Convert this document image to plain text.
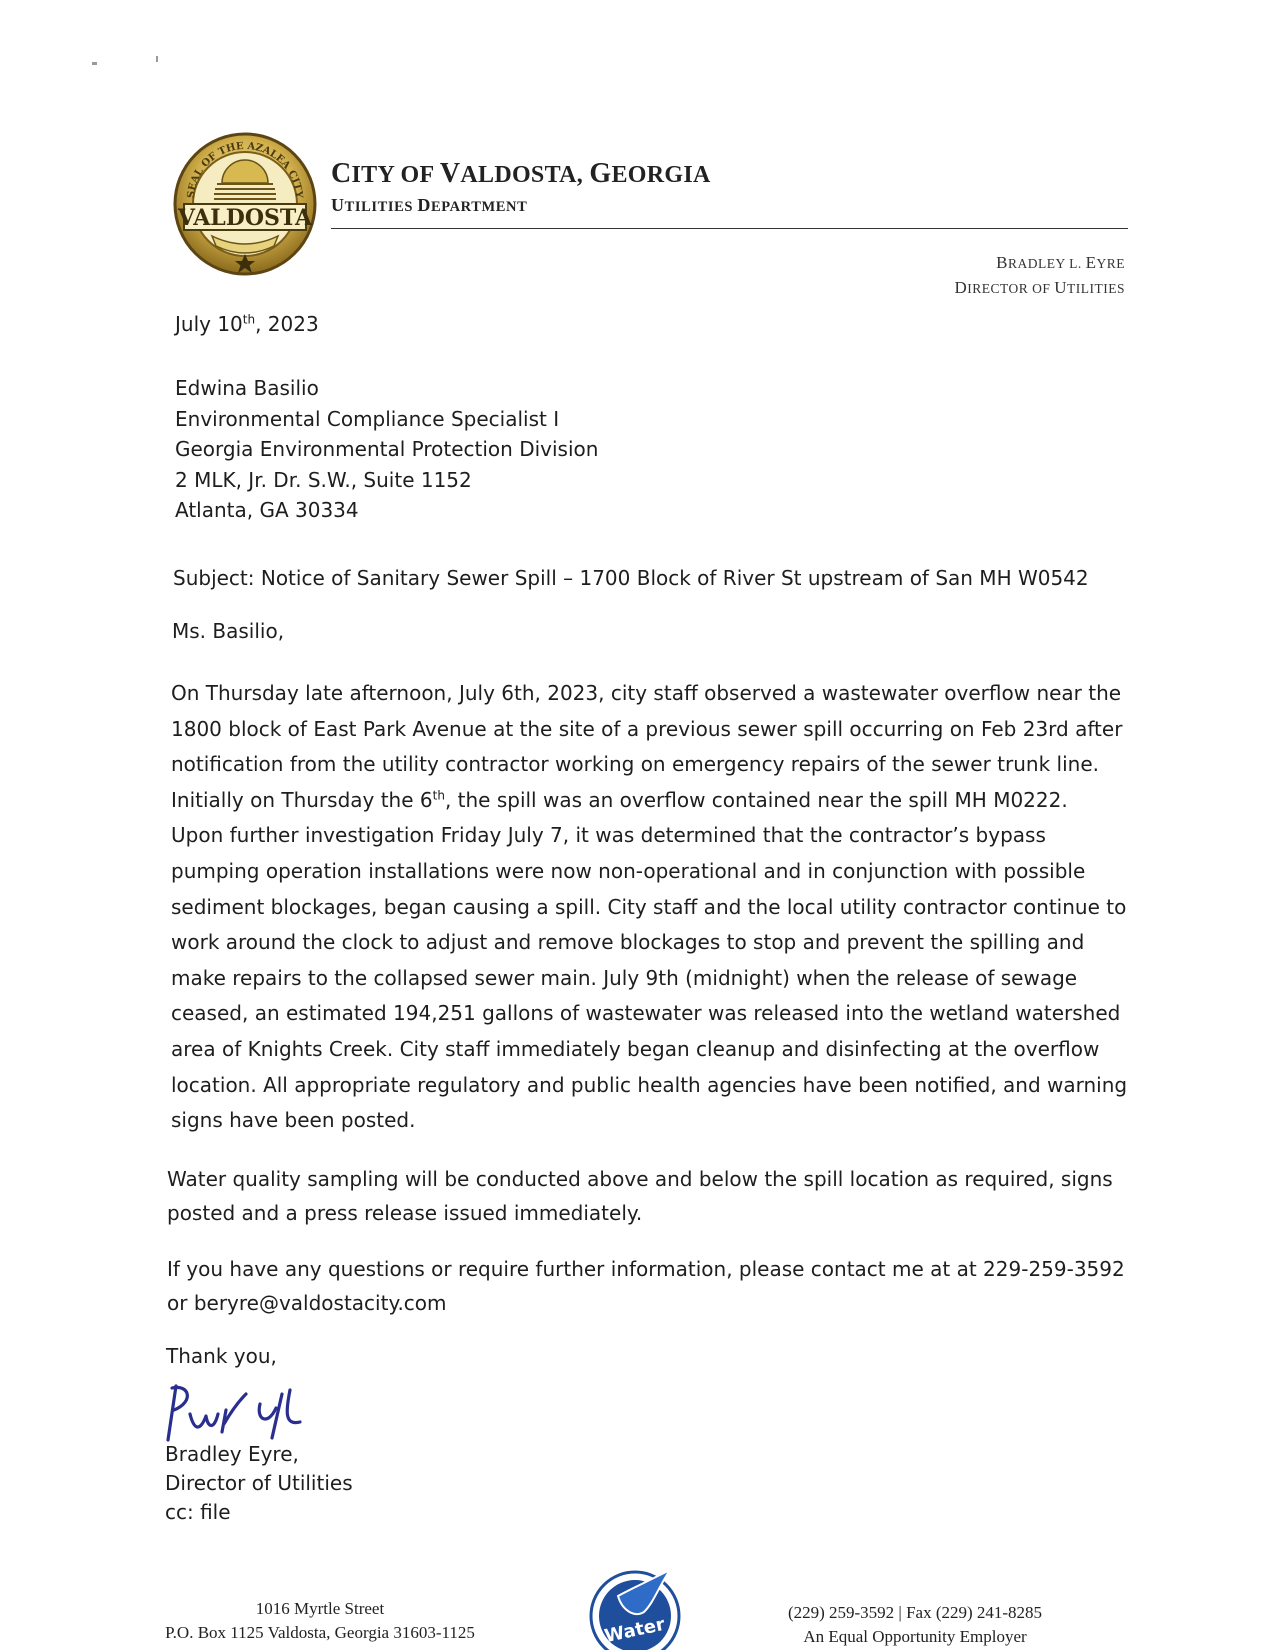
VALDOSTA
SEAL OF THE AZALEA CITY
CITY OF VALDOSTA, GEORGIA
UTILITIES DEPARTMENT
BRADLEY L. EYRE
DIRECTOR OF UTILITIES
July 10th, 2023
Edwina Basilio
Environmental Compliance Specialist I
Georgia Environmental Protection Division
2 MLK, Jr. Dr. S.W., Suite 1152
Atlanta, GA 30334
Subject: Notice of Sanitary Sewer Spill – 1700 Block of River St upstream of San MH W0542
Ms. Basilio,
On Thursday late afternoon, July 6th, 2023, city staff observed a wastewater overflow near the
1800 block of East Park Avenue at the site of a previous sewer spill occurring on Feb 23rd after
notification from the utility contractor working on emergency repairs of the sewer trunk line.
Initially on Thursday the 6th, the spill was an overflow contained near the spill MH M0222.
Upon further investigation Friday July 7, it was determined that the contractor’s bypass
pumping operation installations were now non-operational and in conjunction with possible
sediment blockages, began causing a spill. City staff and the local utility contractor continue to
work around the clock to adjust and remove blockages to stop and prevent the spilling and
make repairs to the collapsed sewer main. July 9th (midnight) when the release of sewage
ceased, an estimated 194,251 gallons of wastewater was released into the wetland watershed
area of Knights Creek. City staff immediately began cleanup and disinfecting at the overflow
location. All appropriate regulatory and public health agencies have been notified, and warning
signs have been posted.
Water quality sampling will be conducted above and below the spill location as required, signs
posted and a press release issued immediately.
If you have any questions or require further information, please contact me at at 229-259-3592
or beryre@valdostacity.com
Thank you,
Bradley Eyre,
Director of Utilities
cc: file
1016 Myrtle Street
P.O. Box 1125 Valdosta, Georgia 31603-1125	Water
(229) 259-3592 | Fax (229) 241-8285
An Equal Opportunity Employer
